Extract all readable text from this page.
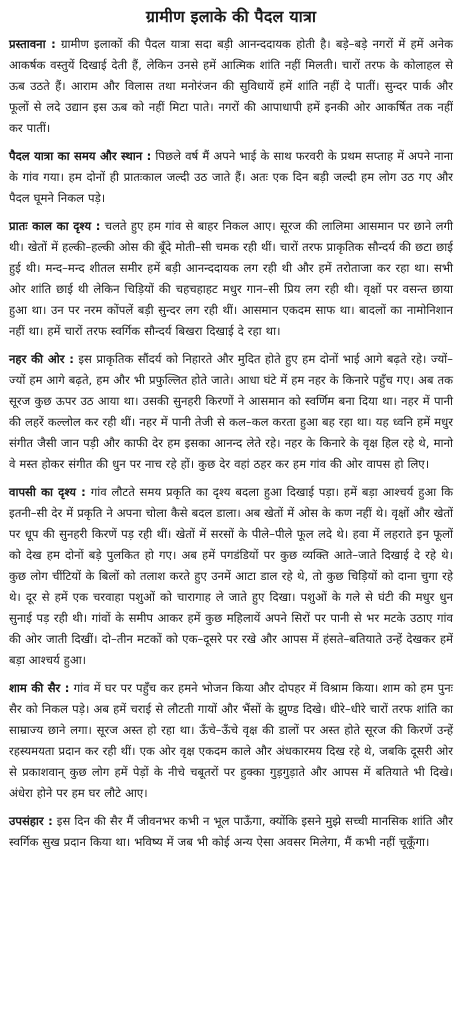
ग्रामीण इलाके की पैदल यात्रा

प्रस्तावना : ग्रामीण इलाकों की पैदल यात्रा सदा बड़ी आनन्ददायक होती है। बड़े–बड़े नगरों में हमें अनेक आकर्षक वस्तुयें दिखाई देती हैं, लेकिन उनसे हमें आत्मिक शांति नहीं मिलती। चारों तरफ के कोलाहल से ऊब उठते हैं। आराम और विलास तथा मनोरंजन की सुविधायें हमें शांति नहीं दे पातीं। सुन्दर पार्क और फूलों से लदे उद्यान इस ऊब को नहीं मिटा पाते। नगरों की आपाधापी हमें इनकी ओर आकर्षित तक नहीं कर पातीं।

पैदल यात्रा का समय और स्थान : पिछले वर्ष मैं अपने भाई के साथ फरवरी के प्रथम सप्ताह में अपने नाना के गांव गया। हम दोनों ही प्रातःकाल जल्दी उठ जाते हैं। अतः एक दिन बड़ी जल्दी हम लोग उठ गए और पैदल घूमने निकल पड़े।

प्रातः काल का दृश्य : चलते हुए हम गांव से बाहर निकल आए। सूरज की लालिमा आसमान पर छाने लगी थी। खेतों में हल्की–हल्की ओस की बूँदे मोती–सी चमक रही थीं। चारों तरफ प्राकृतिक सौन्दर्य की छटा छाई हुई थी। मन्द–मन्द शीतल समीर हमें बड़ी आनन्ददायक लग रही थी और हमें तरोताजा कर रहा था। सभी ओर शांति छाई थी लेकिन चिड़ियों की चहचहाहट मधुर गान–सी प्रिय लग रही थी। वृक्षों पर वसन्त छाया हुआ था। उन पर नरम कोंपलें बड़ी सुन्दर लग रही थीं। आसमान एकदम साफ था। बादलों का नामोनिशान नहीं था। हमें चारों तरफ स्वर्गिक सौन्दर्य बिखरा दिखाई दे रहा था।

नहर की ओर : इस प्राकृतिक सौंदर्य को निहारते और मुदित होते हुए हम दोनों भाई आगे बढ़ते रहे। ज्यों–ज्यों हम आगे बढ़ते, हम और भी प्रफुल्लित होते जाते। आधा घंटे में हम नहर के किनारे पहुँच गए। अब तक सूरज कुछ ऊपर उठ आया था। उसकी सुनहरी किरणों ने आसमान को स्वर्णिम बना दिया था। नहर में पानी की लहरें कल्लोल कर रही थीं। नहर में पानी तेजी से कल–कल करता हुआ बह रहा था। यह ध्वनि हमें मधुर संगीत जैसी जान पड़ी और काफी देर हम इसका आनन्द लेते रहे। नहर के किनारे के वृक्ष हिल रहे थे, मानो वे मस्त होकर संगीत की धुन पर नाच रहे हों। कुछ देर वहां ठहर कर हम गांव की ओर वापस हो लिए।

वापसी का दृश्य : गांव लौटते समय प्रकृति का दृश्य बदला हुआ दिखाई पड़ा। हमें बड़ा आश्चर्य हुआ कि इतनी–सी देर में प्रकृति ने अपना चोला कैसे बदल डाला। अब खेतों में ओस के कण नहीं थे। वृक्षों और खेतों पर धूप की सुनहरी किरणें पड़ रही थीं। खेतों में सरसों के पीले–पीले फूल लदे थे। हवा में लहराते इन फूलों को देख हम दोनों बड़े पुलकित हो गए। अब हमें पगडंडियों पर कुछ व्यक्ति आते–जाते दिखाई दे रहे थे। कुछ लोग चींटियों के बिलों को तलाश करते हुए उनमें आटा डाल रहे थे, तो कुछ चिड़ियों को दाना चुगा रहे थे। दूर से हमें एक चरवाहा पशुओं को चारागाह ले जाते हुए दिखा। पशुओं के गले से घंटी की मधुर धुन सुनाई पड़ रही थी। गांवों के समीप आकर हमें कुछ महिलायें अपने सिरों पर पानी से भर मटके उठाए गांव की ओर जाती दिखीं। दो–तीन मटकों को एक–दूसरे पर रखे और आपस में हंसते–बतियाते उन्हें देखकर हमें बड़ा आश्चर्य हुआ।

शाम की सैर : गांव में घर पर पहुँच कर हमने भोजन किया और दोपहर में विश्राम किया। शाम को हम पुनः सैर को निकल पड़े। अब हमें चराई से लौटती गायों और भैंसों के झुण्ड दिखे। धीरे–धीरे चारों तरफ शांति का साम्राज्य छाने लगा। सूरज अस्त हो रहा था। ऊँचे–ऊँचे वृक्ष की डालों पर अस्त होते सूरज की किरणें उन्हें रहस्यमयता प्रदान कर रही थीं। एक ओर वृक्ष एकदम काले और अंधकारमय दिख रहे थे, जबकि दूसरी ओर से प्रकाशवान् कुछ लोग हमें पेड़ों के नीचे चबूतरों पर हुक्का गुड़गुड़ाते और आपस में बतियाते भी दिखे। अंधेरा होने पर हम घर लौटे आए।

उपसंहार : इस दिन की सैर मैं जीवनभर कभी न भूल पाऊँगा, क्योंकि इसने मुझे सच्ची मानसिक शांति और स्वर्गिक सुख प्रदान किया था। भविष्य में जब भी कोई अन्य ऐसा अवसर मिलेगा, मैं कभी नहीं चूकूँगा।
